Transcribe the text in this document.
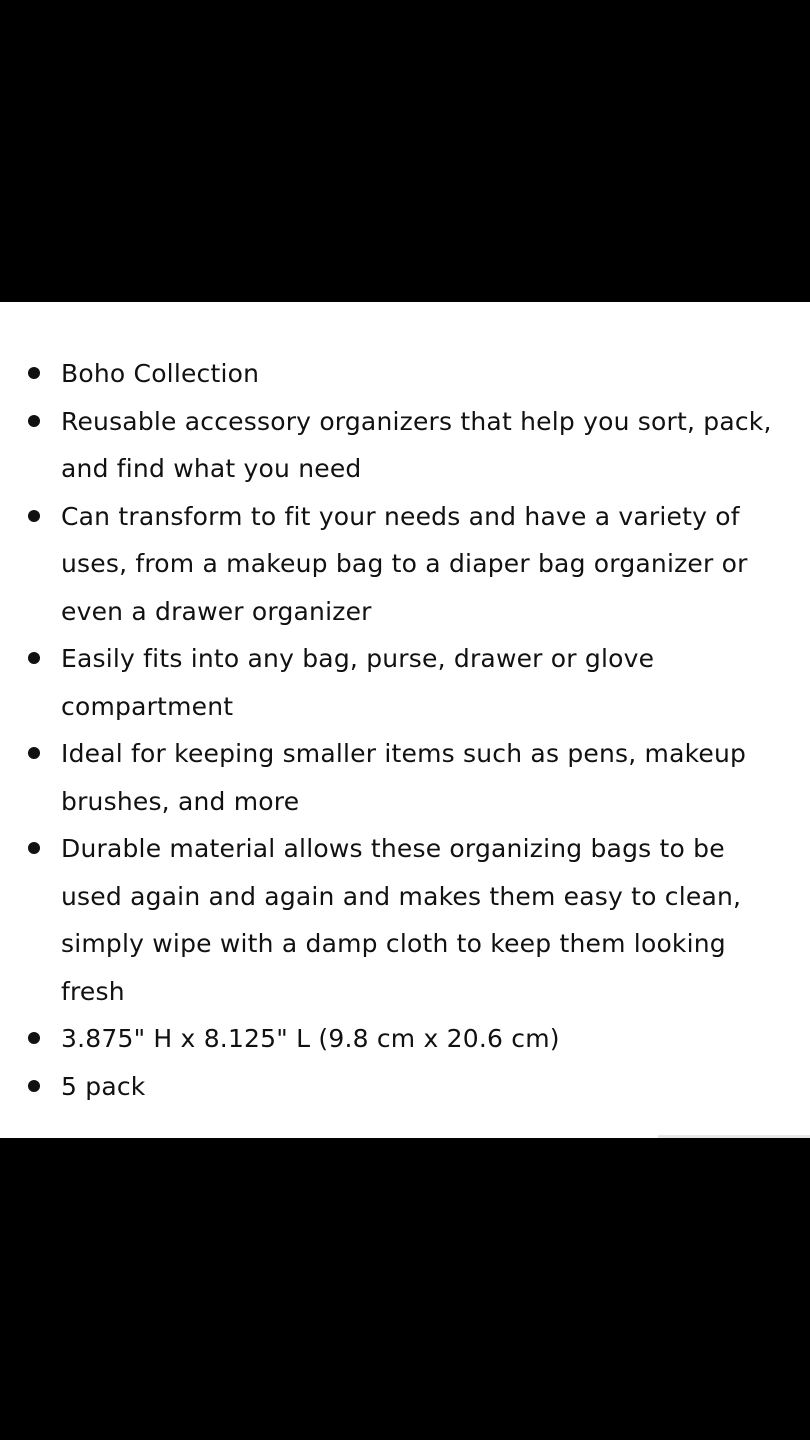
Boho Collection
Reusable accessory organizers that help you sort, pack, and find what you need
Can transform to fit your needs and have a variety of uses, from a makeup bag to a diaper bag organizer or even a drawer organizer
Easily fits into any bag, purse, drawer or glove compartment
Ideal for keeping smaller items such as pens, makeup brushes, and more
Durable material allows these organizing bags to be used again and again and makes them easy to clean, simply wipe with a damp cloth to keep them looking fresh
3.875" H x 8.125" L (9.8 cm x 20.6 cm)
5 pack
